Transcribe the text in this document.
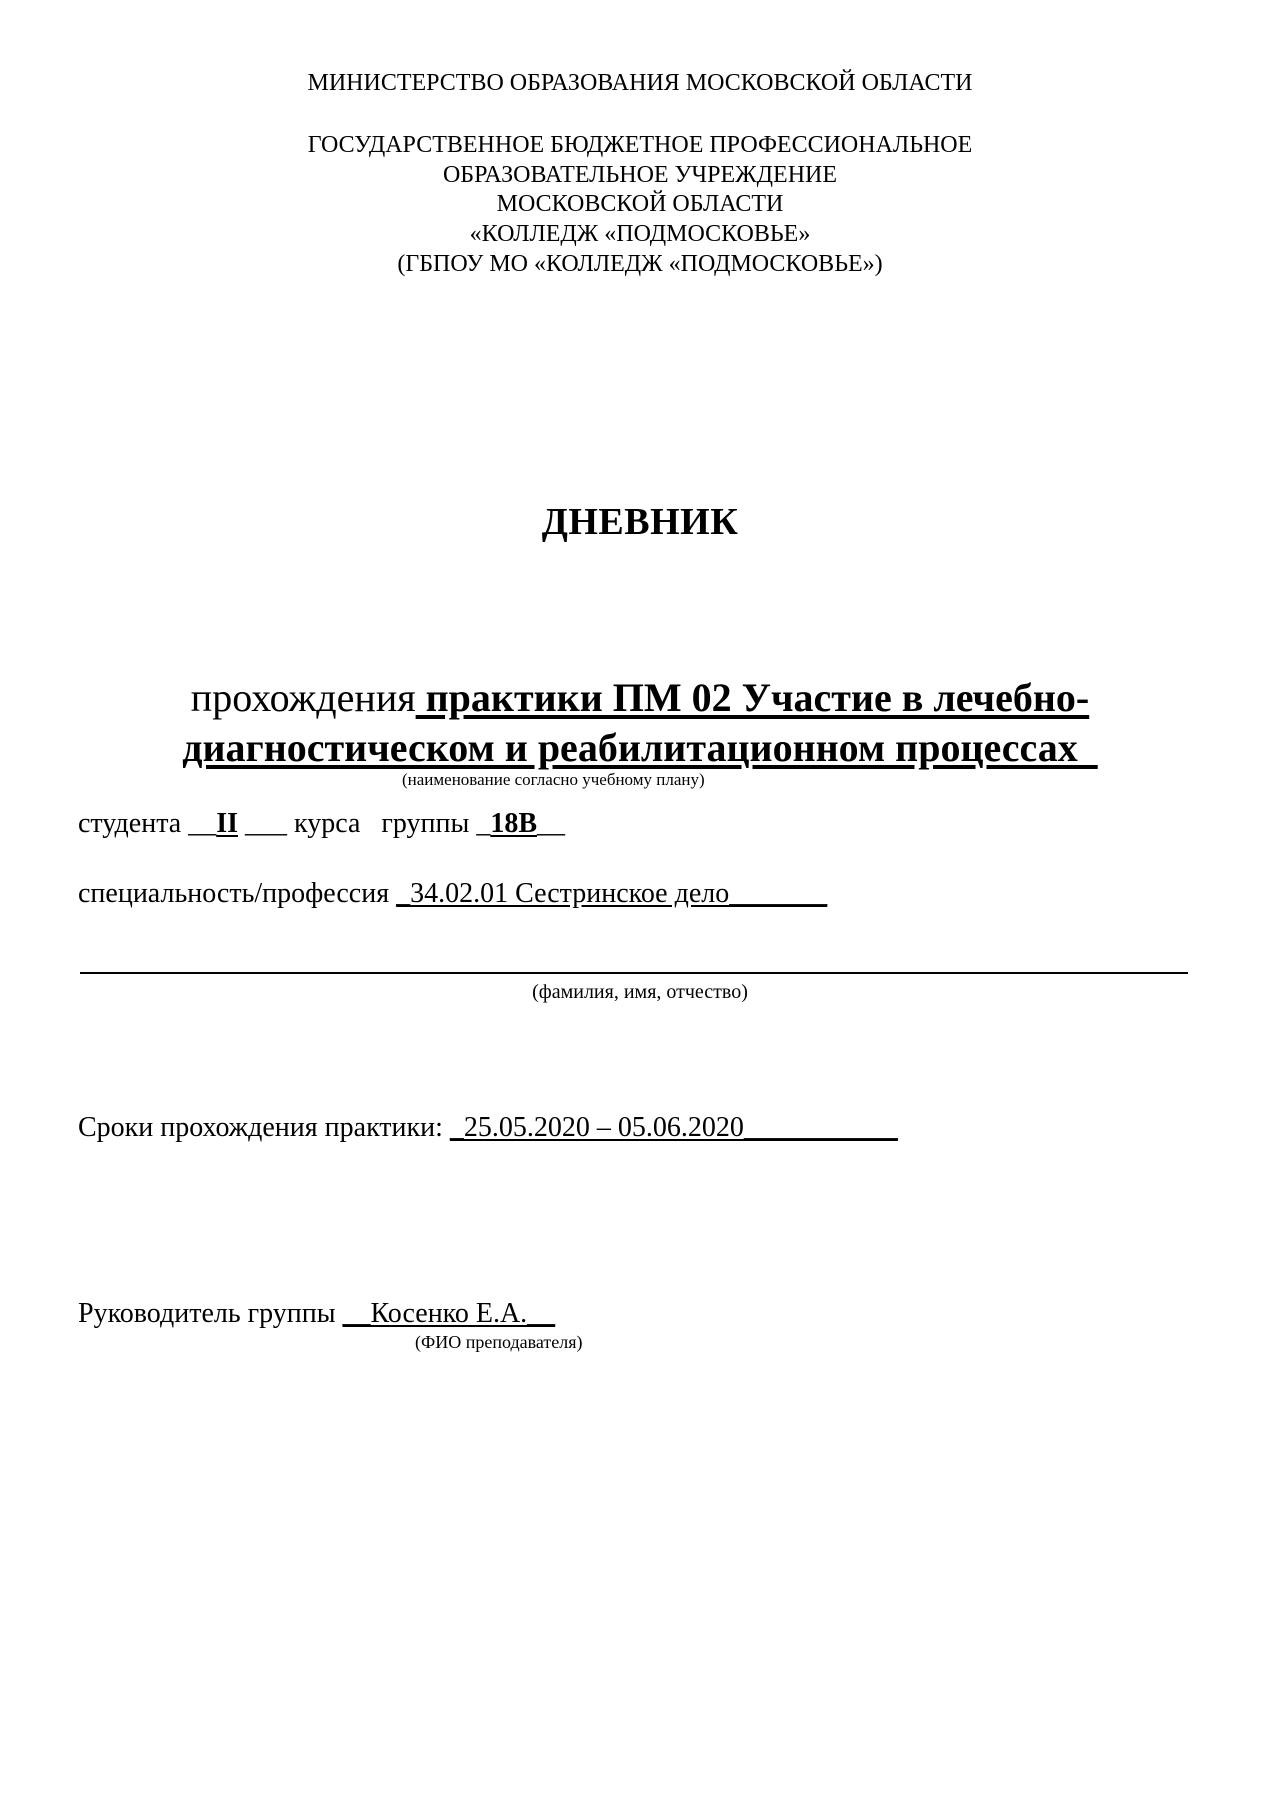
МИНИСТЕРСТВО ОБРАЗОВАНИЯ МОСКОВСКОЙ ОБЛАСТИ
ГОСУДАРСТВЕННОЕ БЮДЖЕТНОЕ ПРОФЕССИОНАЛЬНОЕ
ОБРАЗОВАТЕЛЬНОЕ УЧРЕЖДЕНИЕ
МОСКОВСКОЙ ОБЛАСТИ
«КОЛЛЕДЖ «ПОДМОСКОВЬЕ»
(ГБПОУ МО «КОЛЛЕДЖ «ПОДМОСКОВЬЕ»)
ДНЕВНИК
прохождения практики ПМ 02 Участие в лечебно-
диагностическом и реабилитационном процессах
(наименование согласно учебному плану)
студента __II ___ курса   группы _18В__
специальность/профессия _34.02.01 Сестринское дело_______
(фамилия, имя, отчество)
Сроки прохождения практики: _25.05.2020 – 05.06.2020___________
Руководитель группы __Косенко Е.А.__
(ФИО преподавателя)
